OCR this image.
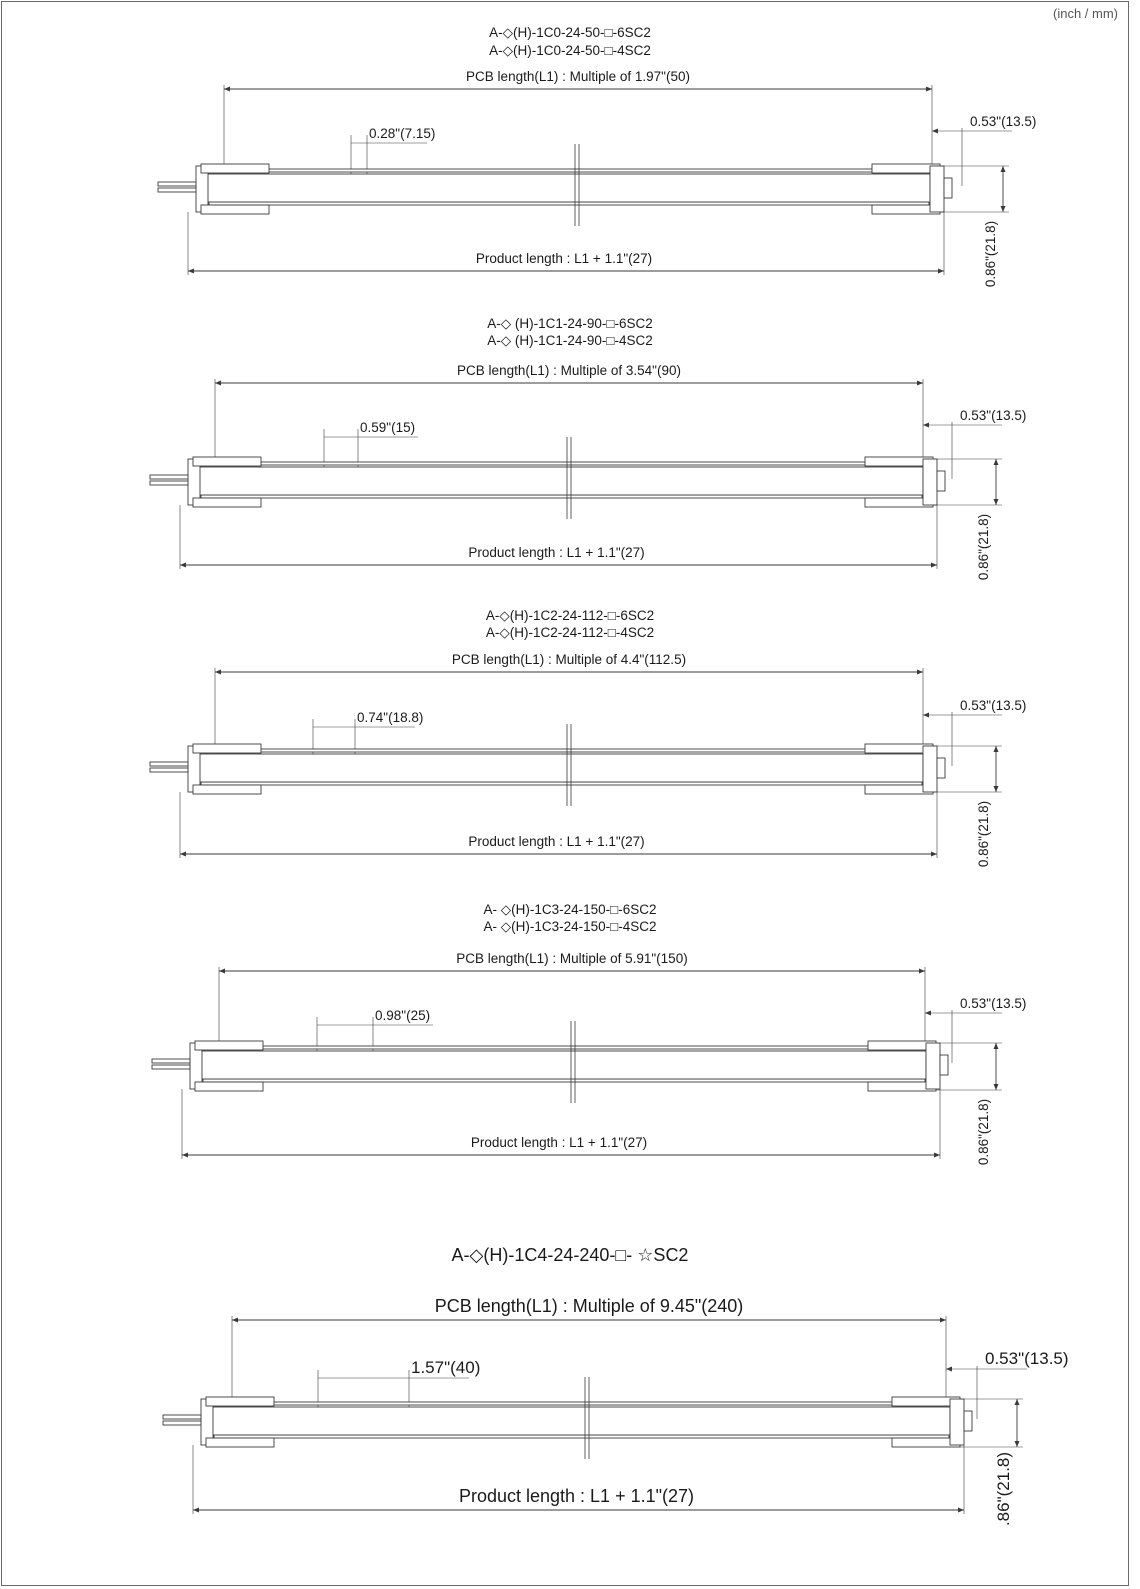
(inch / mm)
A-◇(H)-1C0-24-50-□-6SC2
A-◇(H)-1C0-24-50-□-4SC2
PCB length(L1) : Multiple of 1.97"(50)
0.28"(7.15)
0.53"(13.5)
Product length : L1 + 1.1"(27)	0.86"(21.8)
A-◇ (H)-1C1-24-90-□-6SC2
A-◇ (H)-1C1-24-90-□-4SC2
PCB length(L1) : Multiple of 3.54"(90)
0.59"(15)
0.53"(13.5)
Product length : L1 + 1.1"(27)	0.86"(21.8)
A-◇(H)-1C2-24-112-□-6SC2
A-◇(H)-1C2-24-112-□-4SC2
PCB length(L1) : Multiple of 4.4"(112.5)
0.74"(18.8)
0.53"(13.5)
Product length : L1 + 1.1"(27)	0.86"(21.8)
A- ◇(H)-1C3-24-150-□-6SC2
A- ◇(H)-1C3-24-150-□-4SC2
PCB length(L1) : Multiple of 5.91"(150)
0.98"(25)
0.53"(13.5)
Product length : L1 + 1.1"(27)	0.86"(21.8)
A-◇(H)-1C4-24-240-□- ☆SC2
PCB length(L1) : Multiple of 9.45"(240)
1.57"(40)	0.53"(13.5)
Product length : L1 + 1.1"(27)	.86"(21.8)
